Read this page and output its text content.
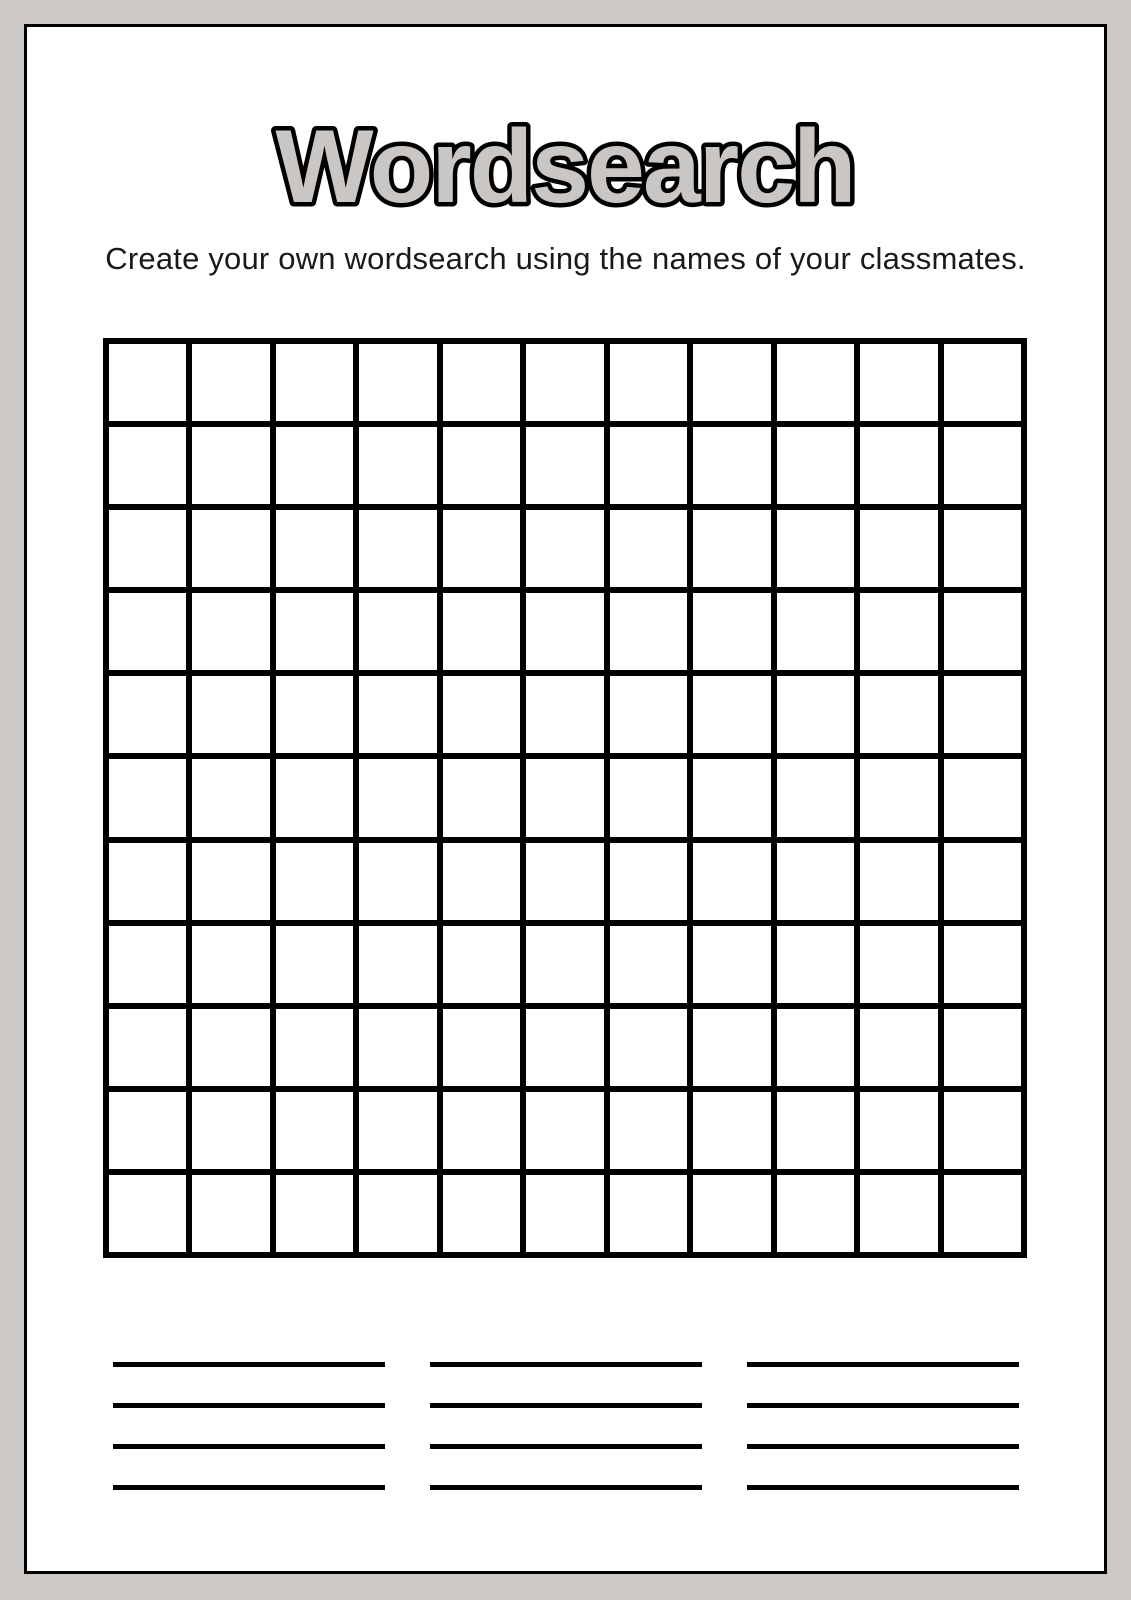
Wordsearch
Create your own wordsearch using the names of your classmates.
